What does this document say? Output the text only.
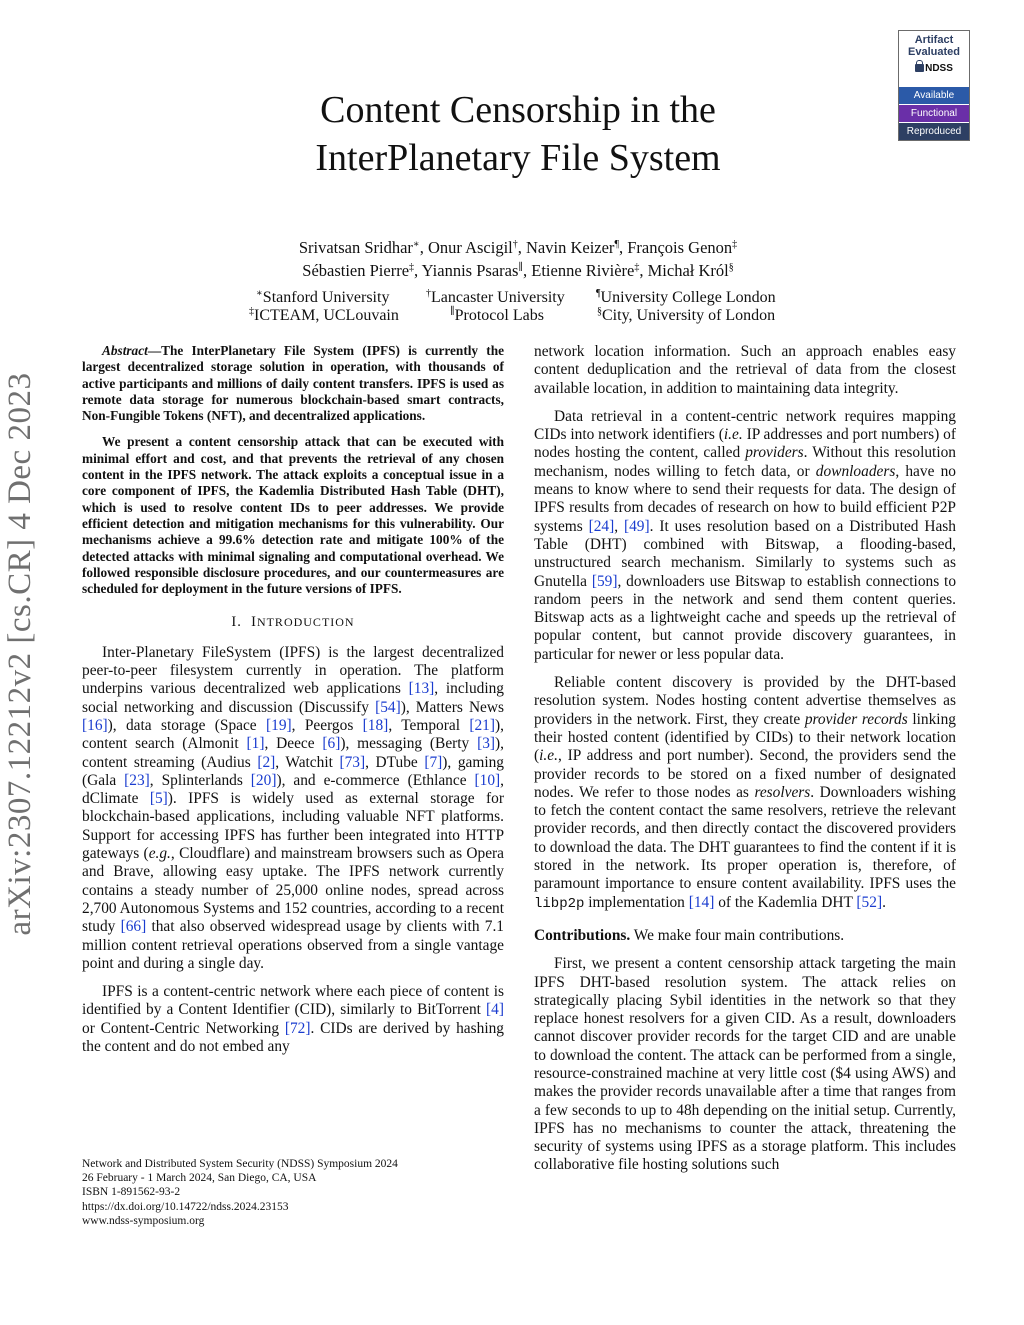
arXiv:2307.12212v2 [cs.CR] 4 Dec 2023
Artifact
Evaluated
NDSS
Available
Functional
Reproduced
Content Censorship in the
InterPlanetary File System
Srivatsan Sridhar∗, Onur Ascigil†, Navin Keizer¶, François Genon‡
Sébastien Pierre‡, Yiannis Psaras∥, Etienne Rivière‡, Michał Król§
∗Stanford University	†Lancaster University	¶University College London
‡ICTEAM, UCLouvain	∥Protocol Labs	§City, University of London

Abstract—The InterPlanetary File System (IPFS) is currently the largest decentralized storage solution in operation, with thousands of active participants and millions of daily content transfers. IPFS is used as remote data storage for numerous blockchain-based smart contracts, Non-Fungible Tokens (NFT), and decentralized applications.

We present a content censorship attack that can be executed with minimal effort and cost, and that prevents the retrieval of any chosen content in the IPFS network. The attack exploits a conceptual issue in a core component of IPFS, the Kademlia Distributed Hash Table (DHT), which is used to resolve content IDs to peer addresses. We provide efficient detection and mitigation mechanisms for this vulnerability. Our mechanisms achieve a 99.6% detection rate and mitigate 100% of the detected attacks with minimal signaling and computational overhead. We followed responsible disclosure procedures, and our countermeasures are scheduled for deployment in the future versions of IPFS.

I. INTRODUCTION

Inter-Planetary FileSystem (IPFS) is the largest decentralized peer-to-peer filesystem currently in operation. The platform underpins various decentralized web applications [13], including social networking and discussion (Discussify [54]), Matters News [16]), data storage (Space [19], Peergos [18], Temporal [21]), content search (Almonit [1], Deece [6]), messaging (Berty [3]), content streaming (Audius [2], Watchit [73], DTube [7]), gaming (Gala [23], Splinterlands [20]), and e-commerce (Ethlance [10], dClimate [5]). IPFS is widely used as external storage for blockchain-based applications, including valuable NFT platforms. Support for accessing IPFS has further been integrated into HTTP gateways (e.g., Cloudflare) and mainstream browsers such as Opera and Brave, allowing easy uptake. The IPFS network currently contains a steady number of 25,000 online nodes, spread across 2,700 Autonomous Systems and 152 countries, according to a recent study [66] that also observed widespread usage by clients with 7.1 million content retrieval operations observed from a single vantage point and during a single day.

IPFS is a content-centric network where each piece of content is identified by a Content Identifier (CID), similarly to BitTorrent [4] or Content-Centric Networking [72]. CIDs are derived by hashing the content and do not embed any

network location information. Such an approach enables easy content deduplication and the retrieval of data from the closest available location, in addition to maintaining data integrity.

Data retrieval in a content-centric network requires mapping CIDs into network identifiers (i.e. IP addresses and port numbers) of nodes hosting the content, called providers. Without this resolution mechanism, nodes willing to fetch data, or downloaders, have no means to know where to send their requests for data. The design of IPFS results from decades of research on how to build efficient P2P systems [24], [49]. It uses resolution based on a Distributed Hash Table (DHT) combined with Bitswap, a flooding-based, unstructured search mechanism. Similarly to systems such as Gnutella [59], downloaders use Bitswap to establish connections to random peers in the network and send them content queries. Bitswap acts as a lightweight cache and speeds up the retrieval of popular content, but cannot provide discovery guarantees, in particular for newer or less popular data.

Reliable content discovery is provided by the DHT-based resolution system. Nodes hosting content advertise themselves as providers in the network. First, they create provider records linking their hosted content (identified by CIDs) to their network location (i.e., IP address and port number). Second, the providers send the provider records to be stored on a fixed number of designated nodes. We refer to those nodes as resolvers. Downloaders wishing to fetch the content contact the same resolvers, retrieve the relevant provider records, and then directly contact the discovered providers to download the data. The DHT guarantees to find the content if it is stored in the network. Its proper operation is, therefore, of paramount importance to ensure content availability. IPFS uses the libp2p implementation [14] of the Kademlia DHT [52].

Contributions. We make four main contributions.

First, we present a content censorship attack targeting the main IPFS DHT-based resolution system. The attack relies on strategically placing Sybil identities in the network so that they replace honest resolvers for a given CID. As a result, downloaders cannot discover provider records for the target CID and are unable to download the content. The attack can be performed from a single, resource-constrained machine at very little cost ($4 using AWS) and makes the provider records unavailable after a time that ranges from a few seconds to up to 48h depending on the initial setup. Currently, IPFS has no mechanisms to counter the attack, threatening the security of systems using IPFS as a storage platform. This includes collaborative file hosting solutions such

Network and Distributed System Security (NDSS) Symposium 2024
26 February - 1 March 2024, San Diego, CA, USA
ISBN 1-891562-93-2
https://dx.doi.org/10.14722/ndss.2024.23153
www.ndss-symposium.org
